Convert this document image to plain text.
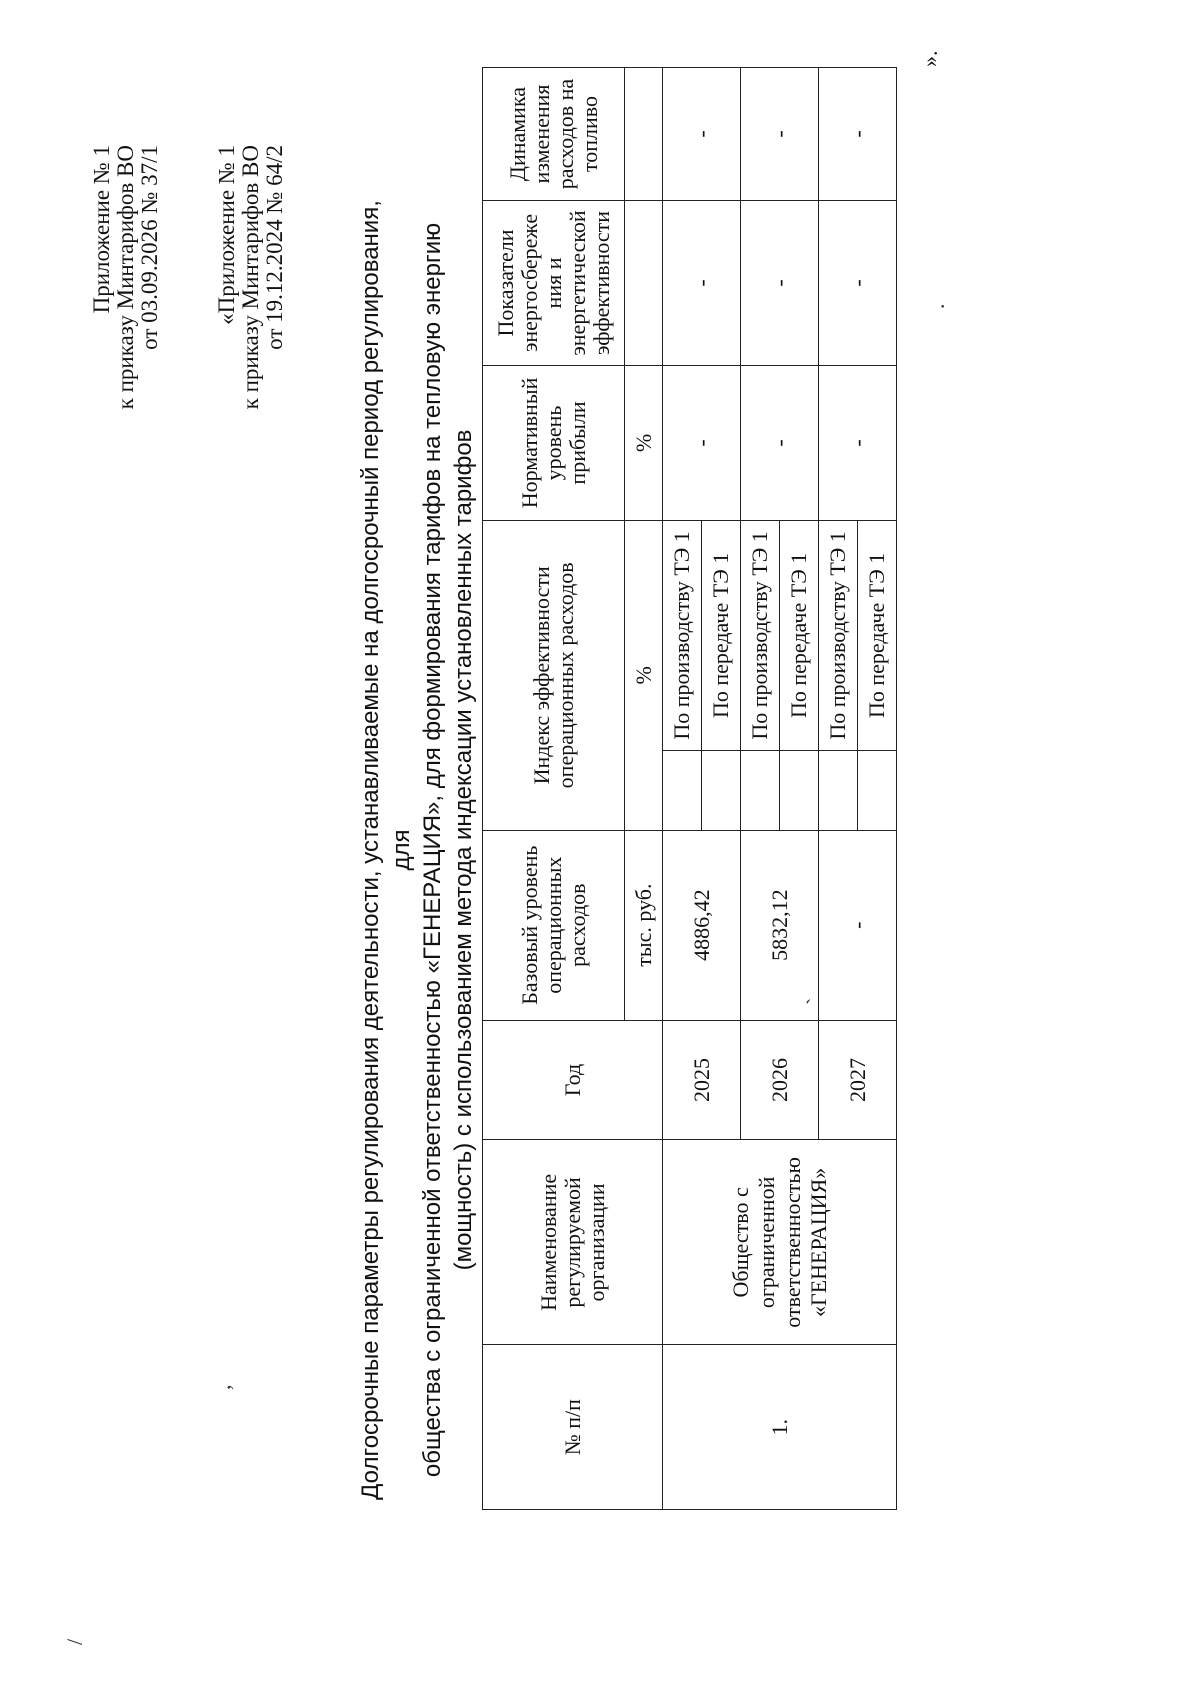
Приложение № 1 к приказу Минтарифов ВО от 03.09.2026 № 37/1 «Приложение № 1 к приказу Минтарифов ВО от 19.12.2024 № 64/2	Долгосрочные параметры регулирования деятельности, устанавливаемые на долгосрочный период регулирования, для общества с ограниченной ответственностью «ГЕНЕРАЦИЯ», для формирования тарифов на тепловую энергию (мощность) с использованием метода индексации установленных тарифов
№ п/п	Наименование регулируемой организации	Год	Базовый уровень операционных расходов	Индекс эффективности операционных расходов		Нормативный уровень прибыли	Показатели энергосбереже ния и энергетической эффективности	Динамика изменения расходов на топливо
			тыс. руб.	%		%		
1.	Общество с ограниченной ответственностью «ГЕНЕРАЦИЯ»	2025	4886,42		По производству ТЭ 1	-	-	-
					По передаче ТЭ 1			
		2026	5832,12		По производству ТЭ 1	-	-	-
					По передаче ТЭ 1			
		2027	-		По производству ТЭ 1	-	-	-
					По передаче ТЭ 1			
».
,
/
`
·
